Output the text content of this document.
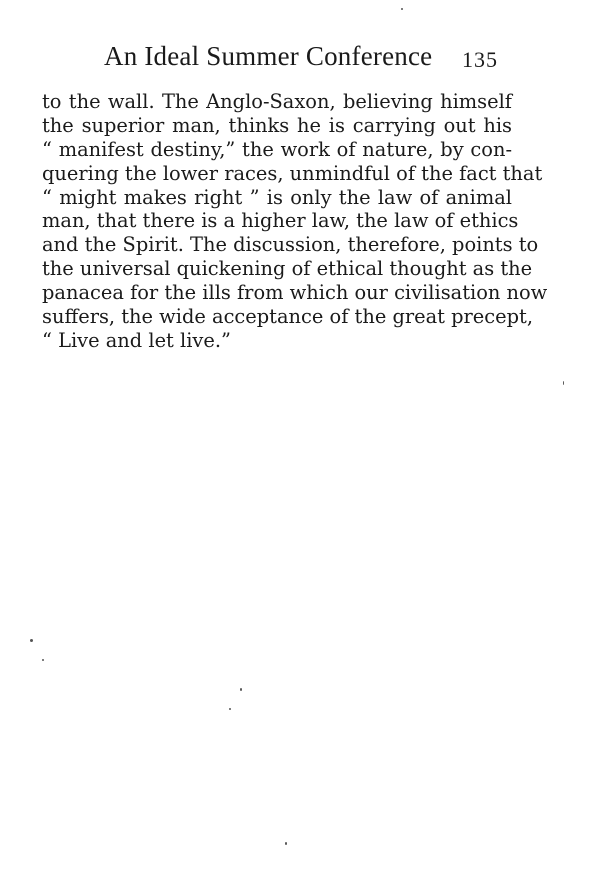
An Ideal Summer Conference 135
to the wall. The Anglo-Saxon, believing himself
the superior man, thinks he is carrying out his
“ manifest destiny,” the work of nature, by con-
quering the lower races, unmindful of the fact that
“ might makes right ” is only the law of animal
man, that there is a higher law, the law of ethics
and the Spirit. The discussion, therefore, points to
the universal quickening of ethical thought as the
panacea for the ills from which our civilisation now
suffers, the wide acceptance of the great precept,
“ Live and let live.”
